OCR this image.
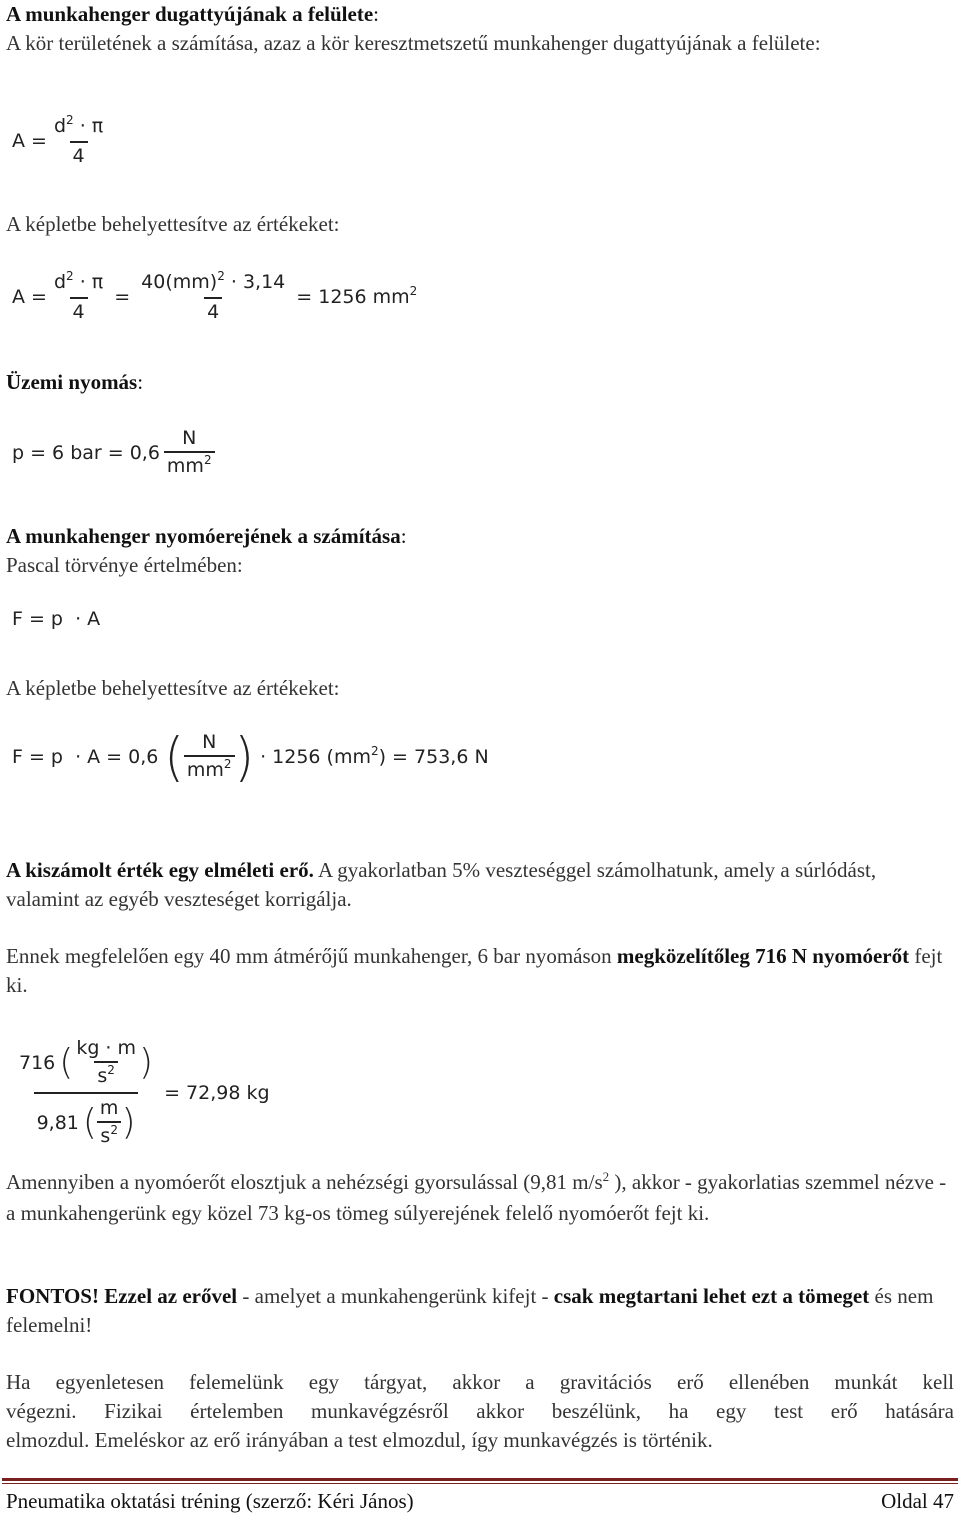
A munkahenger dugattyújának a felülete:
A kör területének a számítása, azaz a kör keresztmetszetű munkahenger dugattyújának a felülete:
$A = \frac{d^2 \cdot \pi}{4}$
A képletbe behelyettesítve az értékeket:
$A = \frac{d^2 \cdot \pi}{4} = \frac{40(mm)^2 \cdot 3,14}{4} = 1256$ $mm^2$
Üzemi nyomás:
p = 6 bar = $0,6 \frac{N}{mm^2}$
A munkahenger nyomóerejének a számítása:
Pascal törvénye értelmében:
F = p  · A
A képletbe behelyettesítve az értékeket:
F = p  · A = 0,6 ( $\frac{N}{mm^2}$ ) · 1256 $(mm^2) = 753,6$ N
A kiszámolt érték egy elméleti erő. A gyakorlatban 5% veszteséggel számolhatunk, amely a súrlódást, valamint az egyéb veszteséget korrigálja.
Ennek megfelelően egy 40 mm átmérőjű munkahenger, 6 bar nyomáson megközelítőleg 716 N nyomóerőt fejt ki.
$\frac{716 ( \frac{kg \cdot m}{s^2} )}{9,81 ( \frac{m}{s^2} )} = 72,98$ kg
Amennyiben a nyomóerőt elosztjuk a nehézségi gyorsulással (9,81 $m/s^2$ ), akkor - gyakorlatias szemmel nézve - a munkahengerünk egy közel 73 kg-os tömeg súlyerejének felelő nyomóerőt fejt ki.
FONTOS! Ezzel az erővel - amelyet a munkahengerünk kifejt - csak megtartani lehet ezt a tömeget és nem felemelni!
Ha egyenletesen felemelünk egy tárgyat, akkor a gravitációs erő ellenében munkát kell
végezni. Fizikai értelemben munkavégzésről akkor beszélünk, ha egy test erő hatására
elmozdul. Emeléskor az erő irányában a test elmozdul, így munkavégzés is történik.
Pneumatika oktatási tréning (szerző: Kéri János)	Oldal 47
